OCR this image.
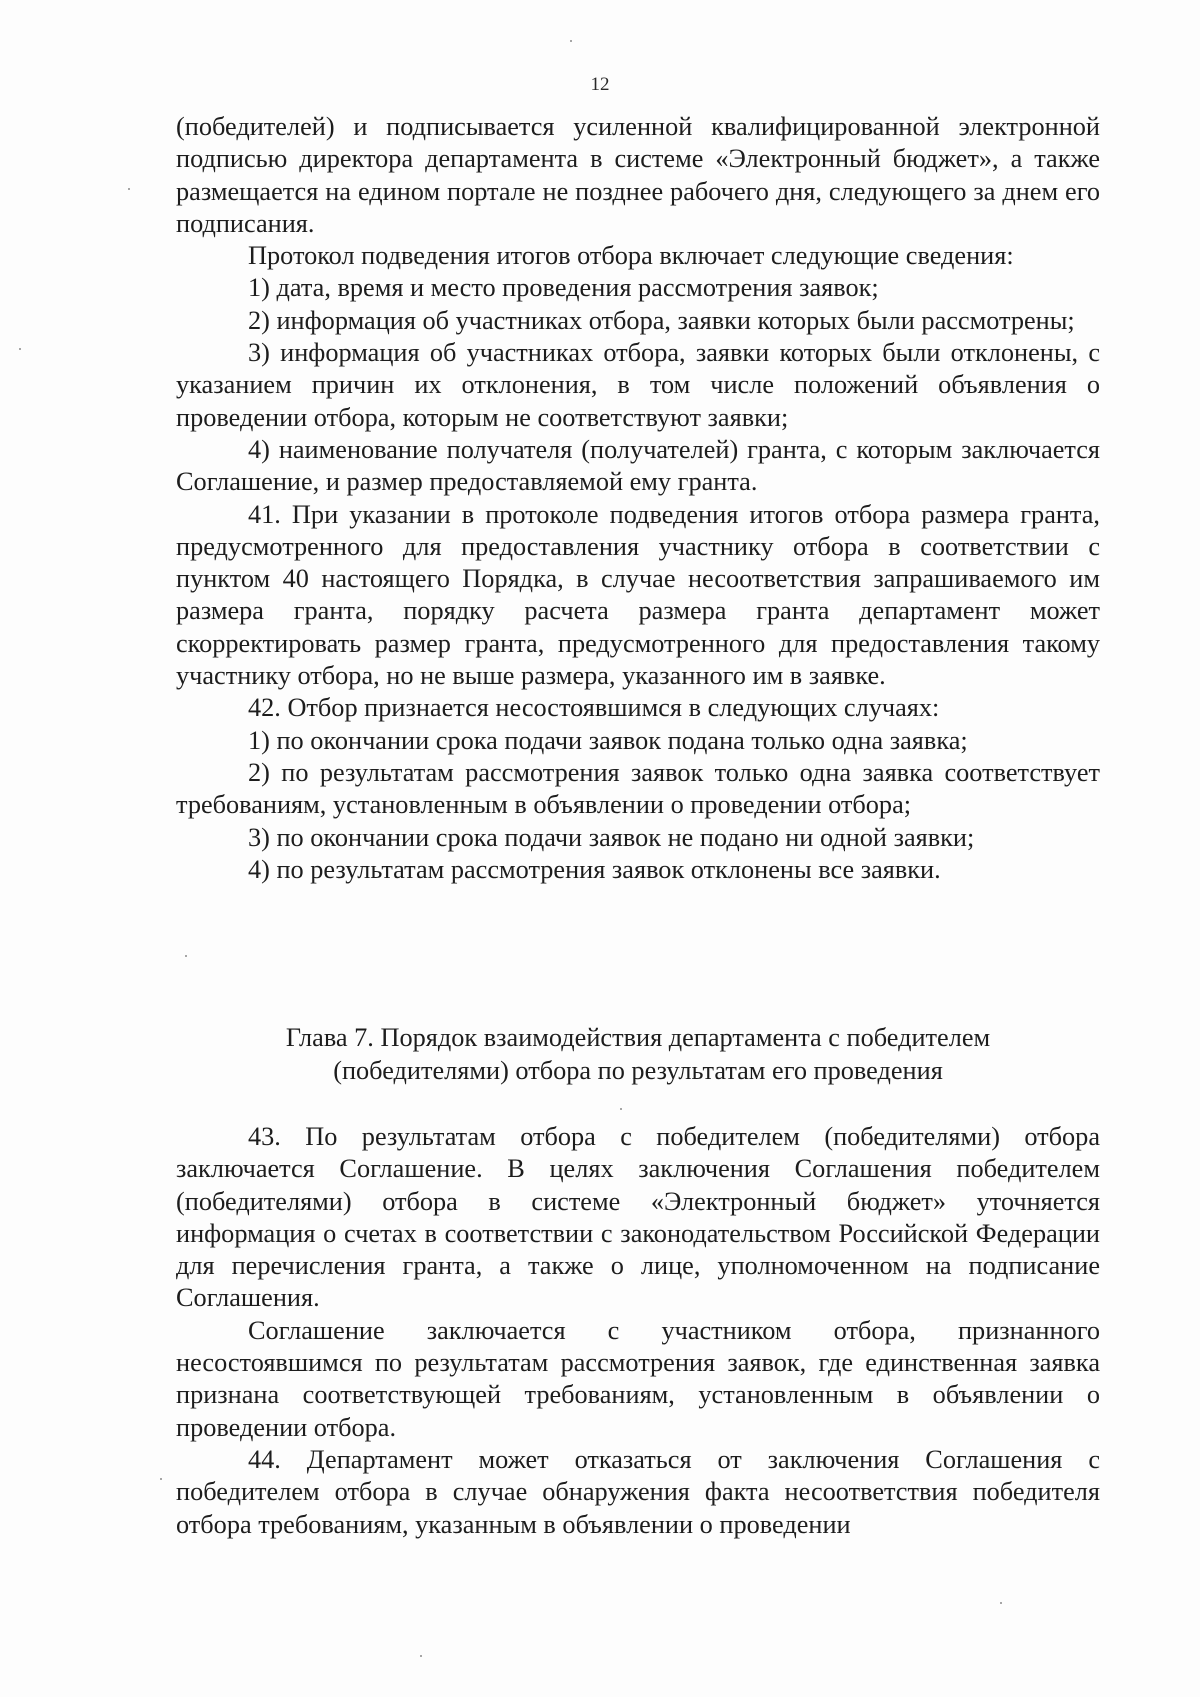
12

(победителей) и подписывается усиленной квалифицированной электронной подписью директора департамента в системе «Электронный бюджет», а также размещается на едином портале не позднее рабочего дня, следующего за днем его подписания.

Протокол подведения итогов отбора включает следующие сведения:

1) дата, время и место проведения рассмотрения заявок;

2) информация об участниках отбора, заявки которых были рассмотрены;

3) информация об участниках отбора, заявки которых были отклонены, с указанием причин их отклонения, в том числе положений объявления о проведении отбора, которым не соответствуют заявки;

4) наименование получателя (получателей) гранта, с которым заключается Соглашение, и размер предоставляемой ему гранта.

41. При указании в протоколе подведения итогов отбора размера гранта, предусмотренного для предоставления участнику отбора в соответствии с пунктом 40 настоящего Порядка, в случае несоответствия запрашиваемого им размера гранта, порядку расчета размера гранта департамент может скорректировать размер гранта, предусмотренного для предоставления такому участнику отбора, но не выше размера, указанного им в заявке.

42. Отбор признается несостоявшимся в следующих случаях:

1) по окончании срока подачи заявок подана только одна заявка;

2) по результатам рассмотрения заявок только одна заявка соответствует требованиям, установленным в объявлении о проведении отбора;

3) по окончании срока подачи заявок не подано ни одной заявки;

4) по результатам рассмотрения заявок отклонены все заявки.

Глава 7. Порядок взаимодействия департамента с победителем
(победителями) отбора по результатам его проведения

43. По результатам отбора с победителем (победителями) отбора заключается Соглашение. В целях заключения Соглашения победителем (победителями) отбора в системе «Электронный бюджет» уточняется информация о счетах в соответствии с законодательством Российской Федерации для перечисления гранта, а также о лице, уполномоченном на подписание Соглашения.

Соглашение заключается с участником отбора, признанного несостоявшимся по результатам рассмотрения заявок, где единственная заявка признана соответствующей требованиям, установленным в объявлении о проведении отбора.

44. Департамент может отказаться от заключения Соглашения с победителем отбора в случае обнаружения факта несоответствия победителя отбора требованиям, указанным в объявлении о проведении
